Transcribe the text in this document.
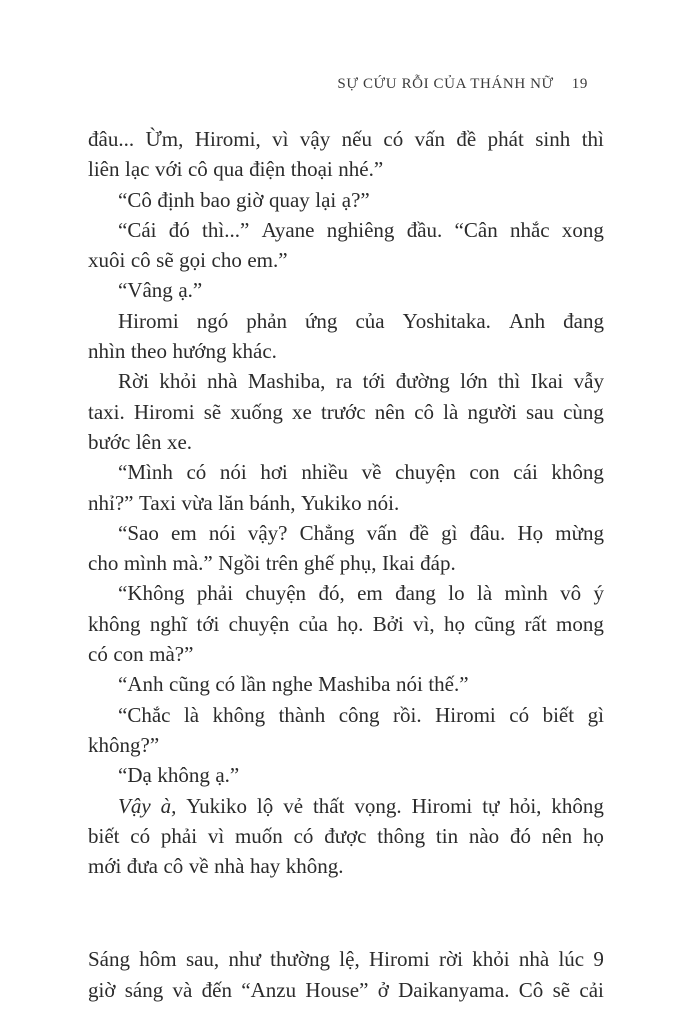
SỰ CỨU RỖI CỦA THÁNH NỮ 19
đâu... Ừm, Hiromi, vì vậy nếu có vấn đề phát sinh thì
liên lạc với cô qua điện thoại nhé.”
“Cô định bao giờ quay lại ạ?”
“Cái đó thì...” Ayane nghiêng đầu. “Cân nhắc xong
xuôi cô sẽ gọi cho em.”
“Vâng ạ.”
Hiromi ngó phản ứng của Yoshitaka. Anh đang
nhìn theo hướng khác.
Rời khỏi nhà Mashiba, ra tới đường lớn thì Ikai vẫy
taxi. Hiromi sẽ xuống xe trước nên cô là người sau cùng
bước lên xe.
“Mình có nói hơi nhiều về chuyện con cái không
nhỉ?” Taxi vừa lăn bánh, Yukiko nói.
“Sao em nói vậy? Chẳng vấn đề gì đâu. Họ mừng
cho mình mà.” Ngồi trên ghế phụ, Ikai đáp.
“Không phải chuyện đó, em đang lo là mình vô ý
không nghĩ tới chuyện của họ. Bởi vì, họ cũng rất mong
có con mà?”
“Anh cũng có lần nghe Mashiba nói thế.”
“Chắc là không thành công rồi. Hiromi có biết gì
không?”
“Dạ không ạ.”
Vậy à, Yukiko lộ vẻ thất vọng. Hiromi tự hỏi, không
biết có phải vì muốn có được thông tin nào đó nên họ
mới đưa cô về nhà hay không.
Sáng hôm sau, như thường lệ, Hiromi rời khỏi nhà lúc 9
giờ sáng và đến “Anzu House” ở Daikanyama. Cô sẽ cải
